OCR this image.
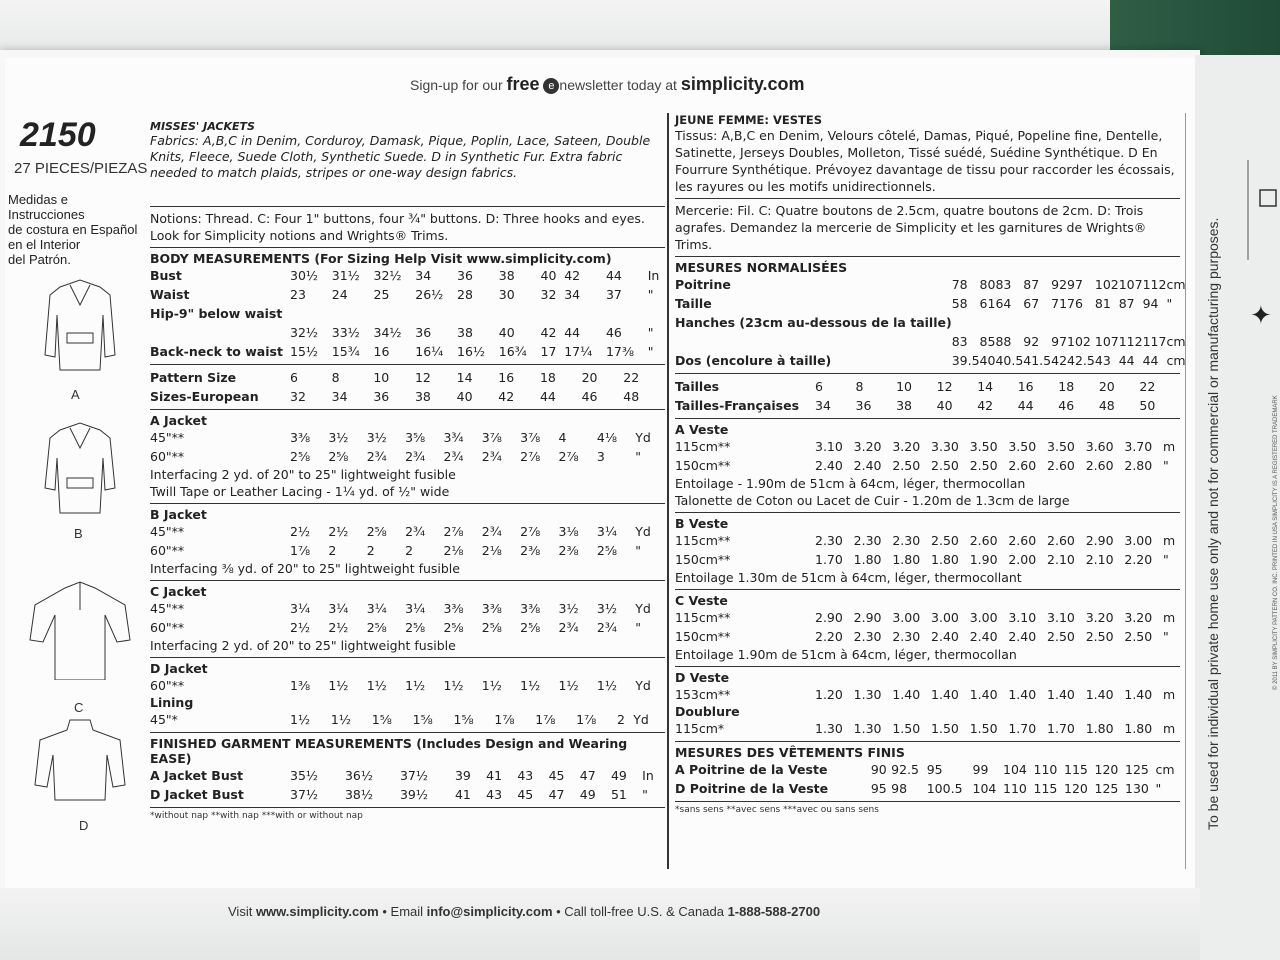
Sign-up for our free e newsletter today at simplicity.com
2150
27 PIECES/PIEZAS
Medidas e Instrucciones
de costura en Español
en el Interior
del Patrón.
A
B
C
D
MISSES' JACKETS
Fabrics: A,B,C in Denim, Corduroy, Damask, Pique, Poplin, Lace, Sateen, Double Knits, Fleece, Suede Cloth, Synthetic Suede. D in Synthetic Fur. Extra fabric needed to match plaids, stripes or one-way design fabrics.
Notions: Thread. C: Four 1" buttons, four ¾" buttons. D: Three hooks and eyes. Look for Simplicity notions and Wrights® Trims.
BODY MEASUREMENTS (For Sizing Help Visit www.simplicity.com)
Bust	30½	31½	32½	34	36	38	40	42	44	In
Waist	23	24	25	26½	28	30	32	34	37	"
Hip-9" below waist										
	32½	33½	34½	36	38	40	42	44	46	"
Back-neck to waist	15½	15¾	16	16¼	16½	16¾	17	17¼	17⅜	"
Pattern Size	6	8	10	12	14	16	18	20	22	
Sizes-European	32	34	36	38	40	42	44	46	48	
A Jacket
45"**	3⅜	3½	3½	3⅝	3¾	3⅞	3⅞	4	4⅛	Yd
60"**	2⅝	2⅝	2¾	2¾	2¾	2¾	2⅞	2⅞	3	"
Interfacing 2 yd. of 20" to 25" lightweight fusible
Twill Tape or Leather Lacing - 1¼ yd. of ½" wide
B Jacket
45"**	2½	2½	2⅝	2¾	2⅞	2¾	2⅞	3⅛	3¼	Yd
60"**	1⅞	2	2	2	2⅛	2⅛	2⅜	2⅜	2⅝	"
Interfacing ⅜ yd. of 20" to 25" lightweight fusible
C Jacket
45"**	3¼	3¼	3¼	3¼	3⅜	3⅜	3⅜	3½	3½	Yd
60"**	2½	2½	2⅝	2⅝	2⅝	2⅝	2⅝	2¾	2¾	"
Interfacing 2 yd. of 20" to 25" lightweight fusible
D Jacket
60"**	1⅜	1½	1½	1½	1½	1½	1½	1½	1½	Yd
Lining
45"*	1½	1½	1⅝	1⅝	1⅝	1⅞	1⅞	1⅞	2	Yd
FINISHED GARMENT MEASUREMENTS (Includes Design and Wearing EASE)
A Jacket Bust	35½	36½	37½	39	41	43	45	47	49	In
D Jacket Bust	37½	38½	39½	41	43	45	47	49	51	"
*without nap **with nap ***with or without nap
JEUNE FEMME: VESTES
Tissus: A,B,C en Denim, Velours côtelé, Damas, Piqué, Popeline fine, Dentelle, Satinette, Jerseys Doubles, Molleton, Tissé suédé, Suédine Synthétique. D En Fourrure Synthétique. Prévoyez davantage de tissu pour raccorder les écossais, les rayures ou les motifs unidirectionnels.
Mercerie: Fil. C: Quatre boutons de 2.5cm, quatre boutons de 2cm. D: Trois agrafes. Demandez la mercerie de Simplicity et les garnitures de Wrights® Trims.
MESURES NORMALISÉES
Poitrine	78	80	83	87	92	97	102	107	112	cm
Taille	58	61	64	67	71	76	81	87	94	"
Hanches (23cm au-dessous de la taille)										
	83	85	88	92	97	102	107	112	117	cm
Dos (encolure à taille)	39.5	40	40.5	41.5	42	42.5	43	44	44	cm
Tailles	6	8	10	12	14	16	18	20	22	
Tailles-Françaises	34	36	38	40	42	44	46	48	50	
A Veste
115cm**	3.10	3.20	3.20	3.30	3.50	3.50	3.50	3.60	3.70	m
150cm**	2.40	2.40	2.50	2.50	2.50	2.60	2.60	2.60	2.80	"
Entoilage - 1.90m de 51cm à 64cm, léger, thermocollan
Talonette de Coton ou Lacet de Cuir - 1.20m de 1.3cm de large
B Veste
115cm**	2.30	2.30	2.30	2.50	2.60	2.60	2.60	2.90	3.00	m
150cm**	1.70	1.80	1.80	1.80	1.90	2.00	2.10	2.10	2.20	"
Entoilage 1.30m de 51cm à 64cm, léger, thermocollant
C Veste
115cm**	2.90	2.90	3.00	3.00	3.00	3.10	3.10	3.20	3.20	m
150cm**	2.20	2.30	2.30	2.40	2.40	2.40	2.50	2.50	2.50	"
Entoilage 1.90m de 51cm à 64cm, léger, thermocollan
D Veste
153cm**	1.20	1.30	1.40	1.40	1.40	1.40	1.40	1.40	1.40	m
Doublure
115cm*	1.30	1.30	1.50	1.50	1.50	1.70	1.70	1.80	1.80	m
MESURES DES VÊTEMENTS FINIS
A Poitrine de la Veste	90	92.5	95	99	104	110	115	120	125	cm
D Poitrine de la Veste	95	98	100.5	104	110	115	120	125	130	"
*sans sens **avec sens ***avec ou sans sens	To be used for individual private home use only and not for commercial or manufacturing purposes.	© 2011 BY SIMPLICITY PATTERN CO. INC. PRINTED IN USA SIMPLICITY IS A REGISTERED TRADEMARK
✦
Visit www.simplicity.com • Email info@simplicity.com • Call toll-free U.S. & Canada 1-888-588-2700
